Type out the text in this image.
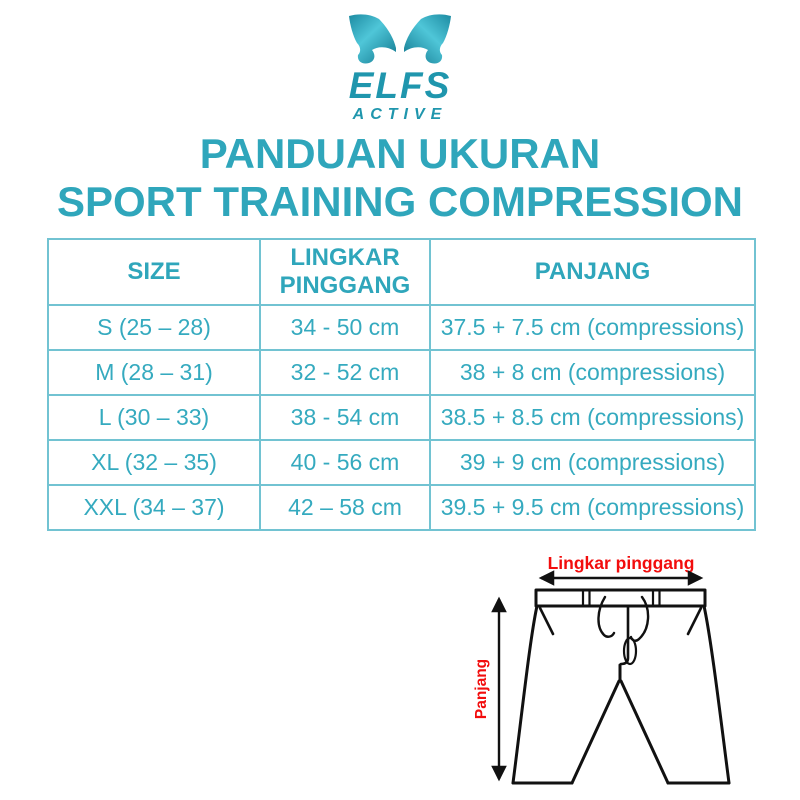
ELFS
ACTIVE
PANDUAN UKURAN
SPORT TRAINING COMPRESSION
SIZE	LINGKAR PINGGANG	PANJANG
S (25 – 28)	34 - 50 cm	37.5 + 7.5 cm (compressions)
M (28 – 31)	32 - 52 cm	38 + 8 cm (compressions)
L (30 – 33)	38 - 54 cm	38.5 + 8.5 cm (compressions)
XL (32 – 35)	40 - 56 cm	39 + 9 cm (compressions)
XXL (34 – 37)	42 – 58 cm	39.5 + 9.5 cm (compressions)
Lingkar pinggang
Panjang
